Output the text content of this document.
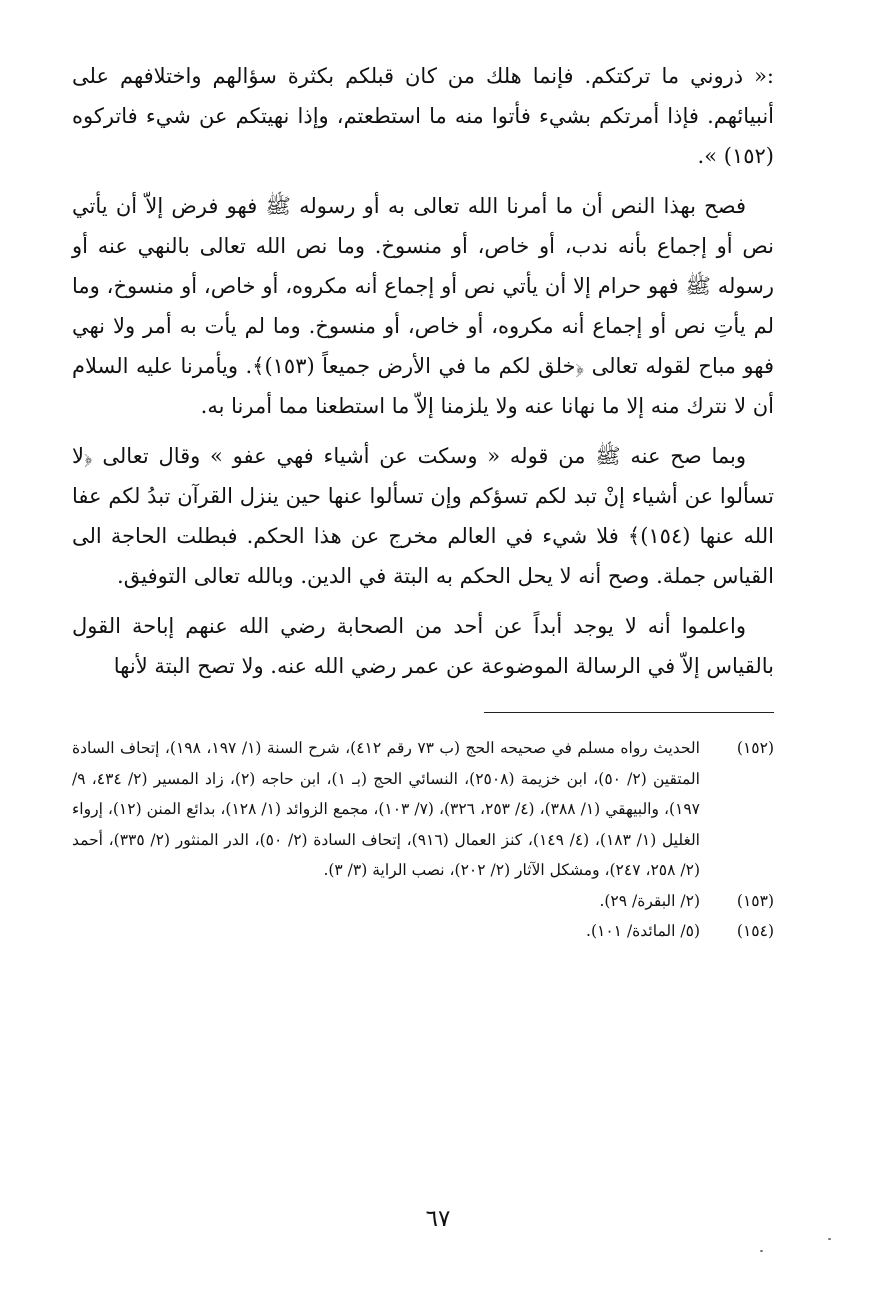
:« ذروني ما تركتكم. فإنما هلك من كان قبلكم بكثرة سؤالهم واختلافهم على أنبيائهم. فإذا أمرتكم بشيء فأتوا منه ما استطعتم، وإذا نهيتكم عن شيء فاتركوه (١٥٢) ».

فصح بهذا النص أن ما أمرنا الله تعالى به أو رسوله ﷺ فهو فرض إلاّ أن يأتي نص أو إجماع بأنه ندب، أو خاص، أو منسوخ. وما نص الله تعالى بالنهي عنه أو رسوله ﷺ فهو حرام إلا أن يأتي نص أو إجماع أنه مكروه، أو خاص، أو منسوخ، وما لم يأتِ نص أو إجماع أنه مكروه، أو خاص، أو منسوخ. وما لم يأت به أمر ولا نهي فهو مباح لقوله تعالى ﴿خلق لكم ما في الأرض جميعاً (١٥٣)﴾. ويأمرنا عليه السلام أن لا نترك منه إلا ما نهانا عنه ولا يلزمنا إلاّ ما استطعنا مما أمرنا به.

وبما صح عنه ﷺ من قوله « وسكت عن أشياء فهي عفو » وقال تعالى ﴿لا تسألوا عن أشياء إنْ تبد لكم تسؤكم وإن تسألوا عنها حين ينزل القرآن تبدُ لكم عفا الله عنها (١٥٤)﴾ فلا شيء في العالم مخرج عن هذا الحكم. فبطلت الحاجة الى القياس جملة. وصح أنه لا يحل الحكم به البتة في الدين. وبالله تعالى التوفيق.

واعلموا أنه لا يوجد أبداً عن أحد من الصحابة رضي الله عنهم إباحة القول بالقياس إلاّ في الرسالة الموضوعة عن عمر رضي الله عنه. ولا تصح البتة لأنها

(١٥٢)
الحديث رواه مسلم في صحيحه الحج (ب ٧٣ رقم ٤١٢)، شرح السنة (١/ ١٩٧، ١٩٨)، إتحاف السادة المتقين (٢/ ٥٠)، ابن خزيمة (٢٥٠٨)، النسائي الحج (بـ ١)، ابن حاجه (٢)، زاد المسير (٢/ ٤٣٤، ٩/ ١٩٧)، والبيهقي (١/ ٣٨٨)، (٤/ ٢٥٣، ٣٢٦)، (٧/ ١٠٣)، مجمع الزوائد (١/ ١٢٨)، بدائع المنن (١٢)، إرواء الغليل (١/ ١٨٣)، (٤/ ١٤٩)، كنز العمال (٩١٦)، إتحاف السادة (٢/ ٥٠)، الدر المنثور (٢/ ٣٣٥)، أحمد (٢/ ٢٥٨، ٢٤٧)، ومشكل الآثار (٢/ ٢٠٢)، نصب الراية (٣/ ٣).
(١٥٣)
(٢/ البقرة/ ٢٩).
(١٥٤)
(٥/ المائدة/ ١٠١).
٦٧
